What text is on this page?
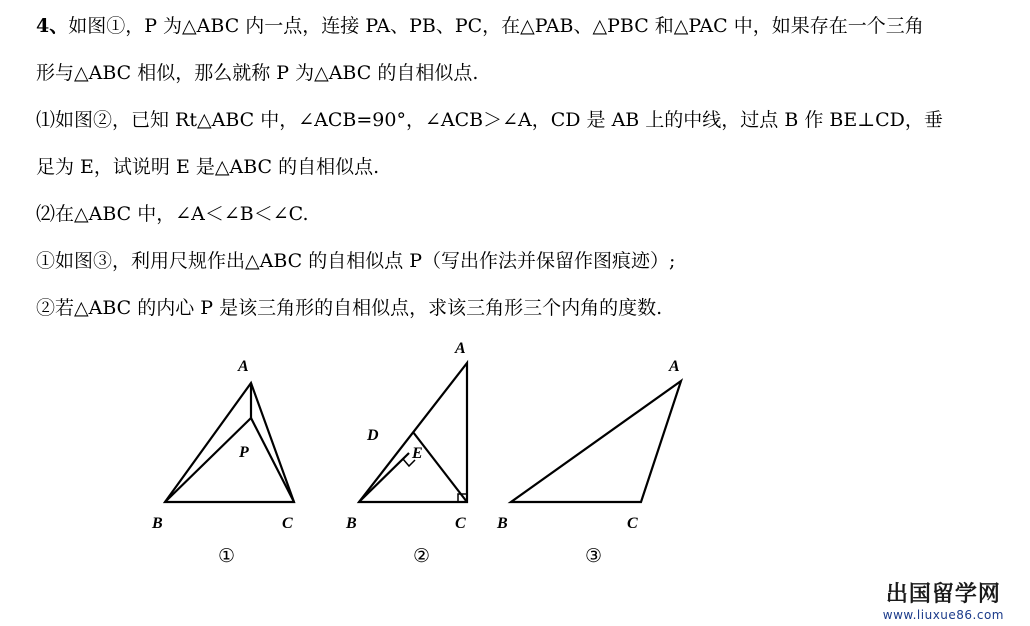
4、如图①，P 为△ABC 内一点，连接 PA、PB、PC，在△PAB、△PBC 和△PAC 中，如果存在一个三角
形与△ABC 相似，那么就称 P 为△ABC 的自相似点.
⑴如图②，已知 Rt△ABC 中，∠ACB=90°，∠ACB＞∠A，CD 是 AB 上的中线，过点 B 作 BE⊥CD，垂
足为 E，试说明 E 是△ABC 的自相似点.
⑵在△ABC 中，∠A＜∠B＜∠C.
①如图③，利用尺规作出△ABC 的自相似点 P（写出作法并保留作图痕迹）;
②若△ABC 的内心 P 是该三角形的自相似点，求该三角形三个内角的度数.
A
P
B	C
①
A
D
E
B	C
②
A
B	C
③
出国留学网
www.liuxue86.com
